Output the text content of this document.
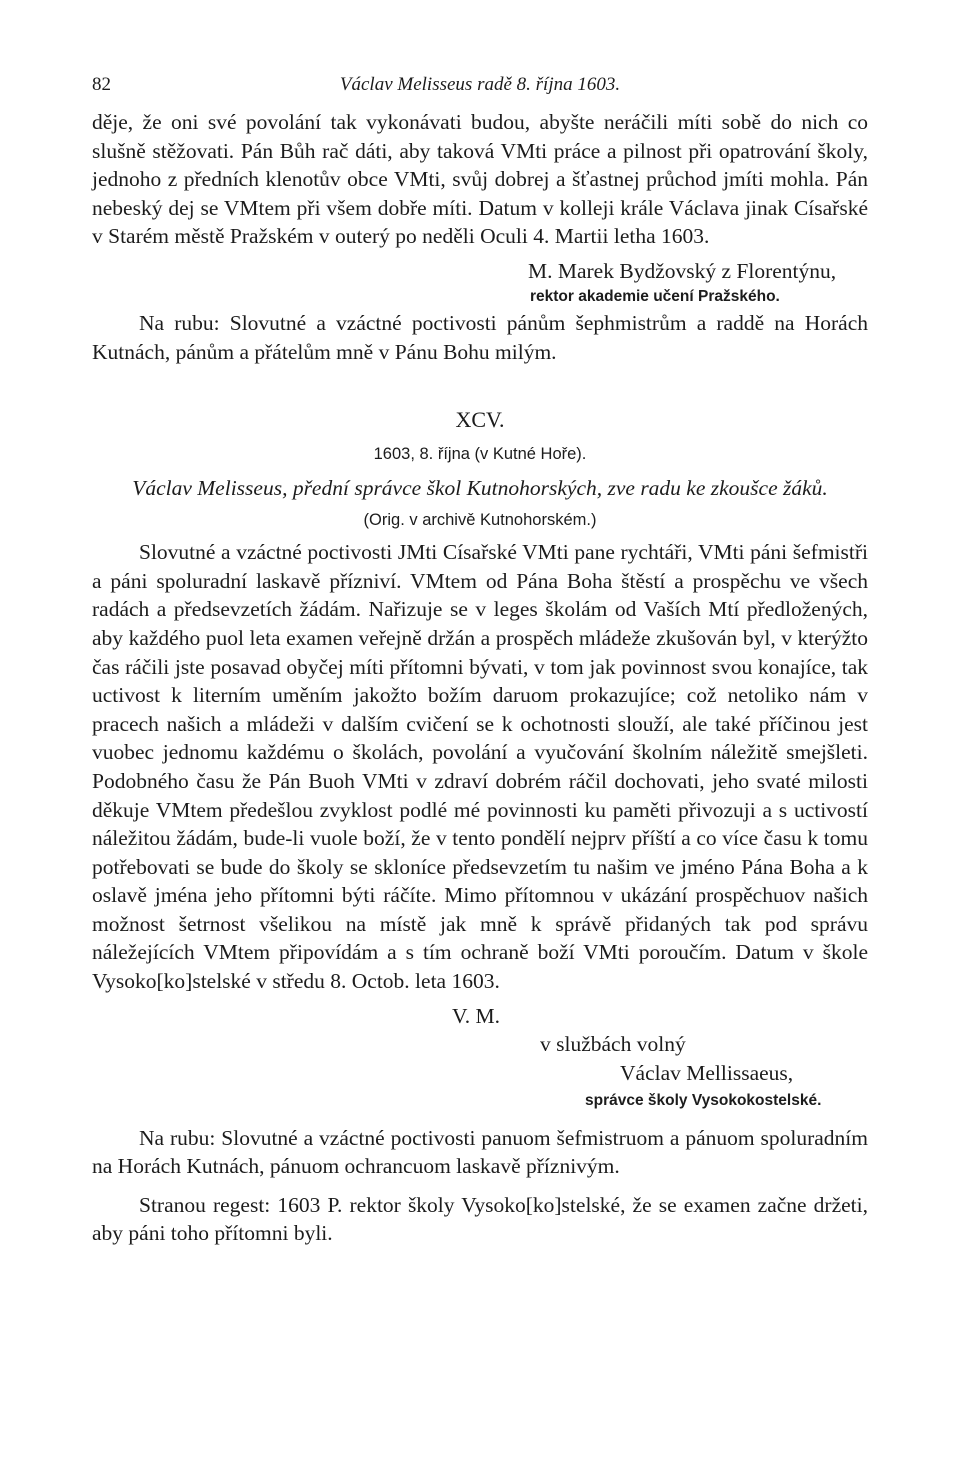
82	Václav Melisseus radě 8. října 1603.

děje, že oni své povolání tak vykonávati budou, abyšte neráčili míti sobě do nich co slušně stěžovati. Pán Bůh rač dáti, aby taková VMti práce a pilnost při opatrování školy, jednoho z předních klenotův obce VMti, svůj dobrej a šťastnej průchod jmíti mohla. Pán nebeský dej se VMtem při všem dobře míti. Datum v kolleji krále Václava jinak Císařské v Starém městě Pražském v outerý po neděli Oculi 4. Martii letha 1603.

M. Marek Bydžovský z Florentýnu,
rektor akademie učení Pražského.

Na rubu: Slovutné a vzáctné poctivosti pánům šephmistrům a raddě na Horách Kutnách, pánům a přátelům mně v Pánu Bohu milým.

XCV.
1603, 8. října (v Kutné Hoře).
Václav Melisseus, přední správce škol Kutnohorských, zve radu ke zkoušce žáků.
(Orig. v archivě Kutnohorském.)

Slovutné a vzáctné poctivosti JMti Císařské VMti pane rychtáři, VMti páni šefmistři a páni spoluradní laskavě přízniví. VMtem od Pána Boha štěstí a prospěchu ve všech radách a předsevzetích žádám. Nařizuje se v leges školám od Vaších Mtí předložených, aby každého puol leta examen veřejně držán a prospěch mládeže zkušován byl, v kterýžto čas ráčili jste posavad obyčej míti přítomni bývati, v tom jak povinnost svou konajíce, tak uctivost k literním uměním jakožto božím daruom prokazujíce; což netoliko nám v pracech našich a mládeži v dalším cvičení se k ochotnosti slouží, ale také příčinou jest vuobec jednomu každému o školách, povolání a vyučování školním náležitě smejšleti. Podobného času že Pán Buoh VMti v zdraví dobrém ráčil dochovati, jeho svaté milosti děkuje VMtem předešlou zvyklost podlé mé povinnosti ku paměti přivozuji a s uctivostí náležitou žádám, bude-li vuole boží, že v tento pondělí nejprv příští a co více času k tomu potřebovati se bude do školy se skloníce předsevzetím tu našim ve jméno Pána Boha a k oslavě jména jeho přítomni býti ráčíte. Mimo přítomnou v ukázání prospěchuov našich možnost šetrnost všelikou na místě jak mně k správě přidaných tak pod správu náležejících VMtem připovídám a s tím ochraně boží VMti poroučím. Datum v škole Vysoko[ko]stelské v středu 8. Octob. leta 1603.

V. M.
v službách volný
Václav Mellissaeus,
správce školy Vysokokostelské.

Na rubu: Slovutné a vzáctné poctivosti panuom šefmistruom a pánuom spoluradním na Horách Kutnách, pánuom ochrancuom laskavě příznivým.

Stranou regest: 1603 P. rektor školy Vysoko[ko]stelské, že se examen začne držeti, aby páni toho přítomni byli.
